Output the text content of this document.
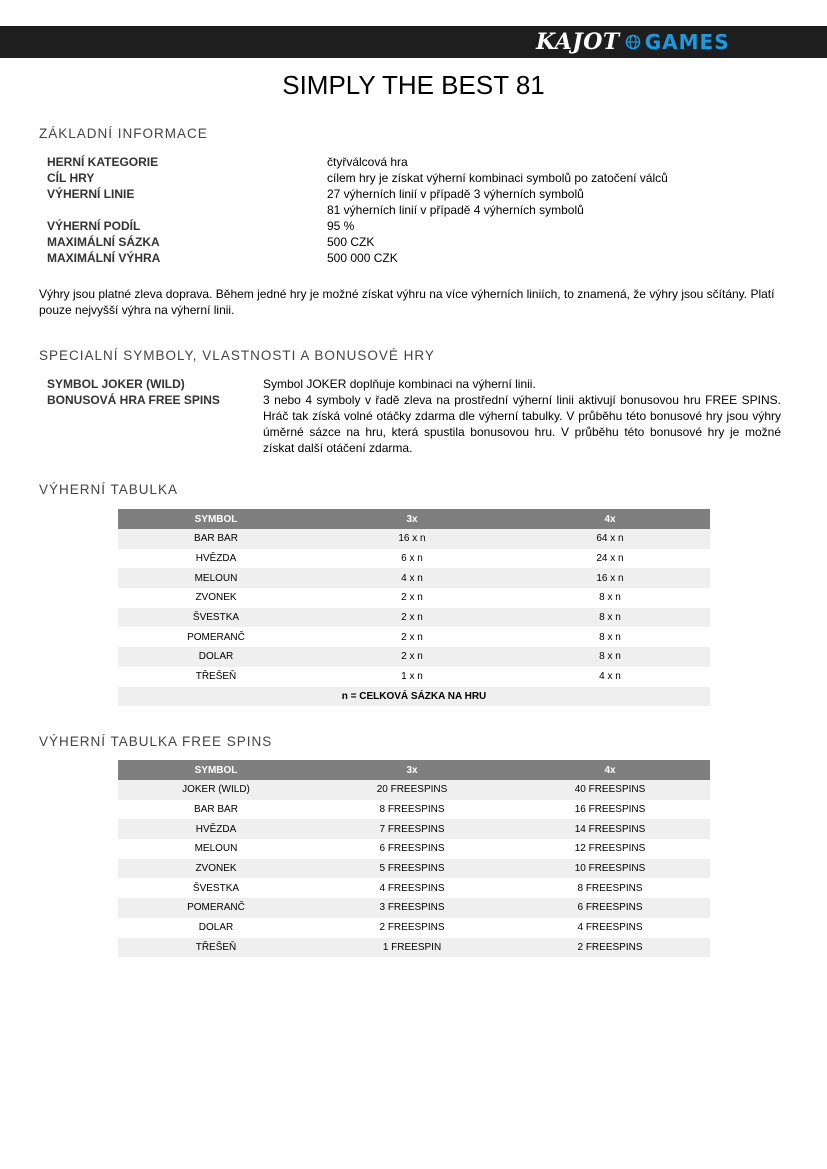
KAJOT GAMES
SIMPLY THE BEST 81
ZÁKLADNÍ INFORMACE
HERNÍ KATEGORIE	čtyřválcová hra
CÍL HRY	cílem hry je získat výherní kombinaci symbolů po zatočení válců
VÝHERNÍ LINIE	27 výherních linií v případě 3 výherních symbolů
81 výherních linií v případě 4 výherních symbolů
VÝHERNÍ PODÍL	95 %
MAXIMÁLNÍ SÁZKA	500 CZK
MAXIMÁLNÍ VÝHRA	500 000 CZK
Výhry jsou platné zleva doprava. Během jedné hry je možné získat výhru na více výherních liniích, to znamená, že výhry jsou sčítány. Platí pouze nejvyšší výhra na výherní linii.
SPECIALNÍ SYMBOLY, VLASTNOSTI A BONUSOVÉ HRY
SYMBOL JOKER (WILD)	Symbol JOKER doplňuje kombinaci na výherní linii.
BONUSOVÁ HRA FREE SPINS	3 nebo 4 symboly v řadě zleva na prostřední výherní linii aktivují bonusovou hru FREE SPINS. Hráč tak získá volné otáčky zdarma dle výherní tabulky. V průběhu této bonusové hry jsou výhry úměrné sázce na hru, která spustila bonusovou hru. V průběhu této bonusové hry je možné získat další otáčení zdarma.
VÝHERNÍ TABULKA
SYMBOL	3x	4x
BAR BAR	16 x n	64 x n
HVĚZDA	6 x n	24 x n
MELOUN	4 x n	16 x n
ZVONEK	2 x n	8 x n
ŠVESTKA	2 x n	8 x n
POMERANČ	2 x n	8 x n
DOLAR	2 x n	8 x n
TŘEŠEŇ	1 x n	4 x n
n = CELKOVÁ SÁZKA NA HRU		
VÝHERNÍ TABULKA FREE SPINS
SYMBOL	3x	4x
JOKER (WILD)	20 FREESPINS	40 FREESPINS
BAR BAR	8 FREESPINS	16 FREESPINS
HVĚZDA	7 FREESPINS	14 FREESPINS
MELOUN	6 FREESPINS	12 FREESPINS
ZVONEK	5 FREESPINS	10 FREESPINS
ŠVESTKA	4 FREESPINS	8 FREESPINS
POMERANČ	3 FREESPINS	6 FREESPINS
DOLAR	2 FREESPINS	4 FREESPINS
TŘEŠEŇ	1 FREESPIN	2 FREESPINS
